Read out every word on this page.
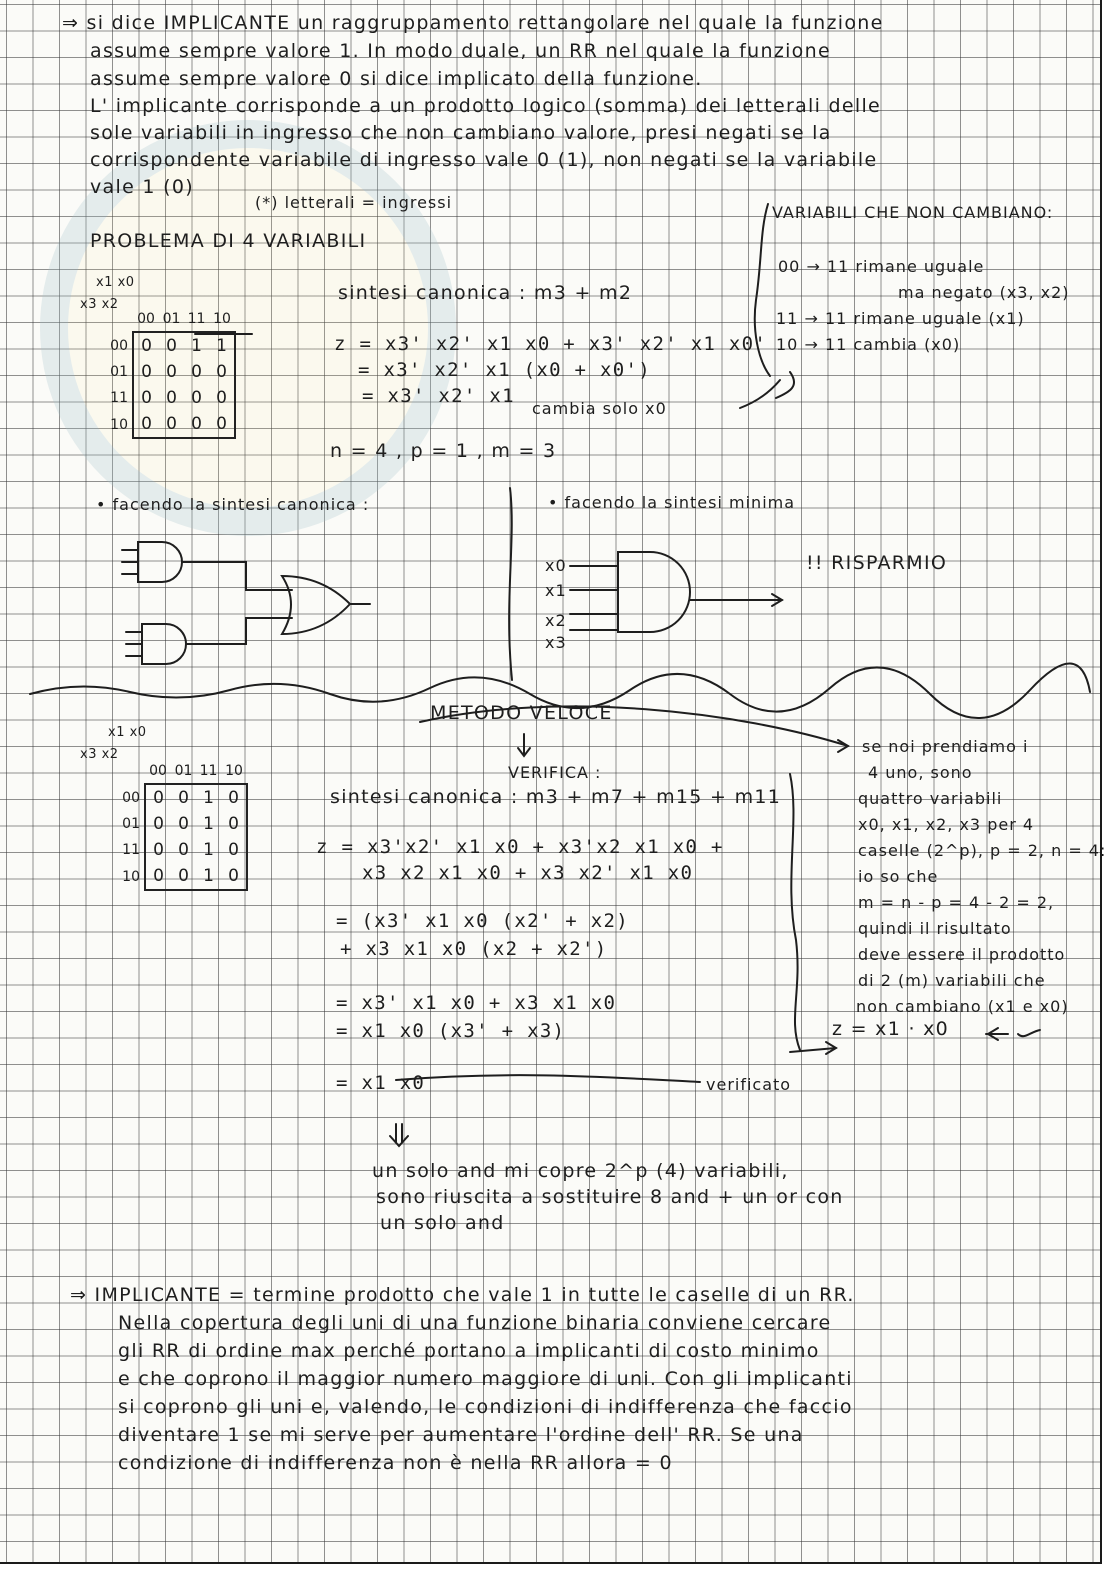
⇒ si dice IMPLICANTE un raggruppamento rettangolare nel quale la funzione
assume sempre valore 1. In modo duale, un RR nel quale la funzione
assume sempre valore 0 si dice implicato della funzione.
L' implicante corrisponde a un prodotto logico (somma) dei letterali delle
sole variabili in ingresso che non cambiano valore, presi negati se la
corrispondente variabile di ingresso vale 0 (1), non negati se la variabile
vale 1 (0)
(*) letterali = ingressi
PROBLEMA DI 4 VARIABILI
VARIABILI CHE NON CAMBIANO:
00 → 11 rimane uguale
ma negato (x3, x2)
11 → 11 rimane uguale (x1)
10 → 11 cambia (x0)
x1 x0
x3 x2
	00	01	11	10
00	0	0	1	1
01	0	0	0	0
11	0	0	0	0
10	0	0	0	0
sintesi canonica : m3 + m2
z = x3' x2' x1 x0 + x3' x2' x1 x0'
= x3' x2' x1 (x0 + x0')
= x3' x2' x1
cambia solo x0
n = 4 , p = 1 , m = 3
• facendo la sintesi canonica :	• facendo la sintesi minima
x0
x1
x2
x3
!! RISPARMIO
METODO VELOCE
VERIFICA :
x1 x0
x3 x2
	00	01	11	10
00	0	0	1	0
01	0	0	1	0
11	0	0	1	0
10	0	0	1	0
sintesi canonica : m3 + m7 + m15 + m11
z = x3'x2' x1 x0 + x3'x2 x1 x0 +
x3 x2 x1 x0 + x3 x2' x1 x0
= (x3' x1 x0 (x2' + x2)
+ x3 x1 x0 (x2 + x2')
= x3' x1 x0 + x3 x1 x0
= x1 x0 (x3' + x3)
= x1 x0	verificato
se noi prendiamo i
4 uno, sono
quattro variabili
x0, x1, x2, x3 per 4
caselle (2^p), p = 2, n = 4:
io so che
m = n - p = 4 - 2 = 2,
quindi il risultato
deve essere il prodotto
di 2 (m) variabili che
non cambiano (x1 e x0)
z = x1 · x0
un solo and mi copre 2^p (4) variabili,
sono riuscita a sostituire 8 and + un or con
un solo and
⇒ IMPLICANTE = termine prodotto che vale 1 in tutte le caselle di un RR.
Nella copertura degli uni di una funzione binaria conviene cercare
gli RR di ordine max perché portano a implicanti di costo minimo
e che coprono il maggior numero maggiore di uni. Con gli implicanti
si coprono gli uni e, valendo, le condizioni di indifferenza che faccio
diventare 1 se mi serve per aumentare l'ordine dell' RR. Se una
condizione di indifferenza non è nella RR allora = 0
